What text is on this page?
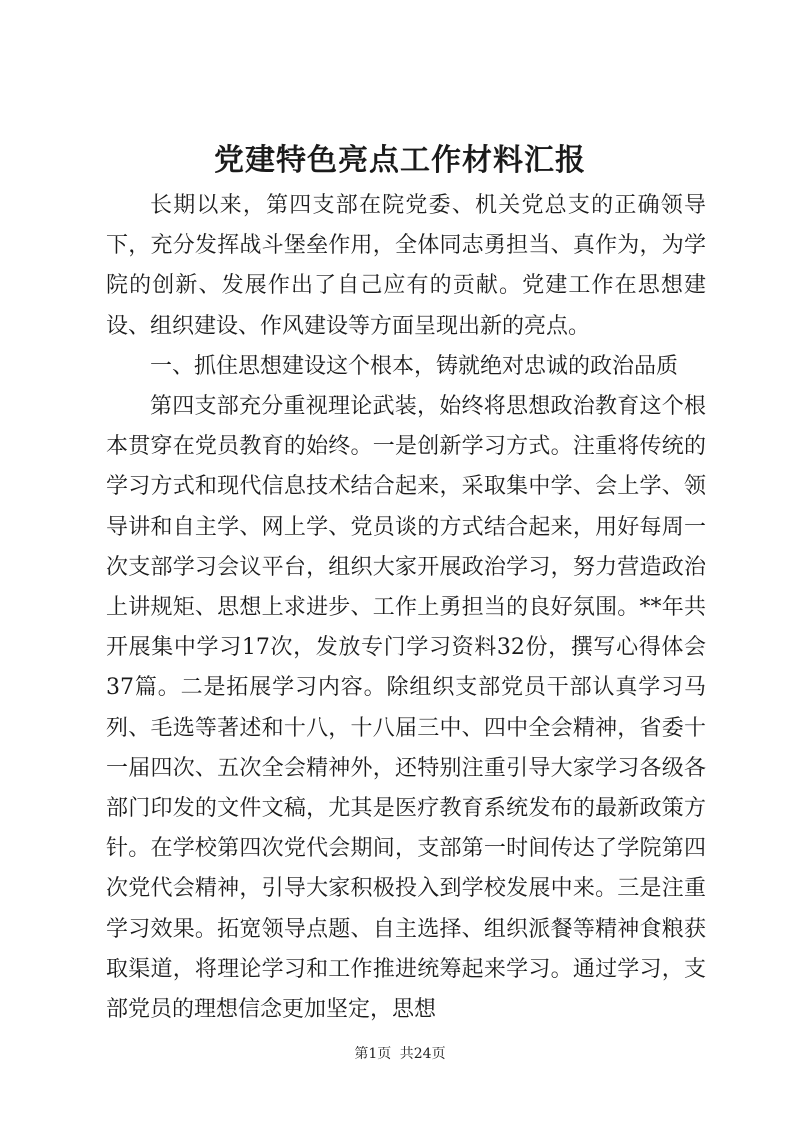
党建特色亮点工作材料汇报

长期以来，第四支部在院党委、机关党总支的正确领导下，充分发挥战斗堡垒作用，全体同志勇担当、真作为，为学院的创新、发展作出了自己应有的贡献。党建工作在思想建设、组织建设、作风建设等方面呈现出新的亮点。

一、抓住思想建设这个根本，铸就绝对忠诚的政治品质

第四支部充分重视理论武装，始终将思想政治教育这个根本贯穿在党员教育的始终。一是创新学习方式。注重将传统的学习方式和现代信息技术结合起来，采取集中学、会上学、领导讲和自主学、网上学、党员谈的方式结合起来，用好每周一次支部学习会议平台，组织大家开展政治学习，努力营造政治上讲规矩、思想上求进步、工作上勇担当的良好氛围。**年共开展集中学习17次，发放专门学习资料32份，撰写心得体会37篇。二是拓展学习内容。除组织支部党员干部认真学习马列、毛选等著述和十八，十八届三中、四中全会精神，省委十一届四次、五次全会精神外，还特别注重引导大家学习各级各部门印发的文件文稿，尤其是医疗教育系统发布的最新政策方针。在学校第四次党代会期间，支部第一时间传达了学院第四次党代会精神，引导大家积极投入到学校发展中来。三是注重学习效果。拓宽领导点题、自主选择、组织派餐等精神食粮获取渠道，将理论学习和工作推进统筹起来学习。通过学习，支部党员的理想信念更加坚定，思想

第1页 共24页
